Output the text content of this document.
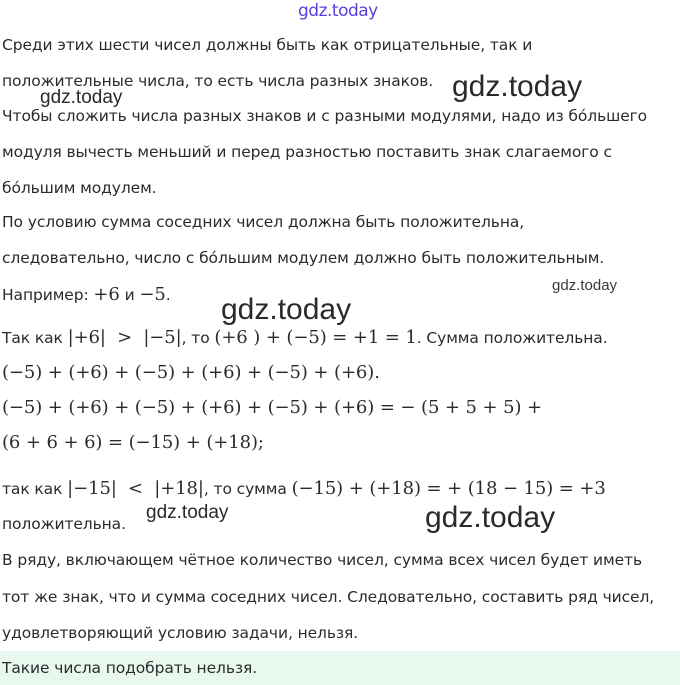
gdz.today
Среди этих шести чисел должны быть как отрицательные, так и
положительные числа, то есть числа разных знаков.
Чтобы сложить числа разных знаков и с разными модулями, надо из бо́льшего
модуля вычесть меньший и перед разностью поставить знак слагаемого с
бо́льшим модулем.
По условию сумма соседних чисел должна быть положительна,
следовательно, число с бо́льшим модулем должно быть положительным.
Например: +6 и −5.
Так как |+6|  >  |−5|, то (+6 ) + (−5) = +1 = 1. Сумма положительна.
(−5) + (+6) + (−5) + (+6) + (−5) + (+6).
(−5) + (+6) + (−5) + (+6) + (−5) + (+6) = − (5 + 5 + 5) +
(6 + 6 + 6) = (−15) + (+18);
так как |−15|  <  |+18|, то сумма (−15) + (+18) = + (18 − 15) = +3
положительна.
В ряду, включающем чётное количество чисел, сумма всех чисел будет иметь
тот же знак, что и сумма соседних чисел. Следовательно, составить ряд чисел,
удовлетворяющий условию задачи, нельзя.
Такие числа подобрать нельзя.
gdz.today
gdz.today
gdz.today
gdz.today
gdz.today	gdz.today
